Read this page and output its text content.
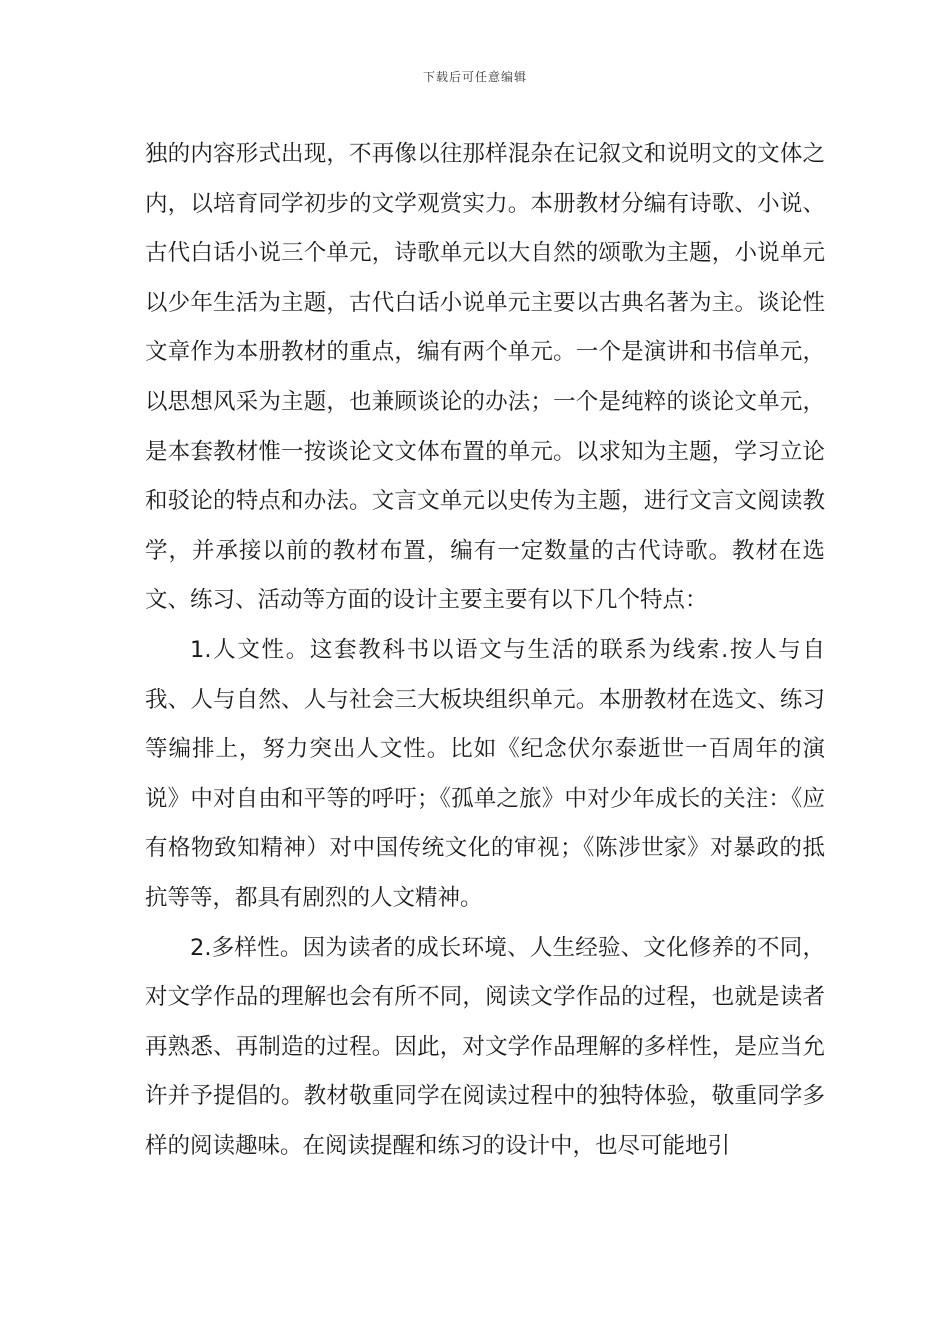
下载后可任意编辑

独的内容形式出现，不再像以往那样混杂在记叙文和说明文的文体之内，以培育同学初步的文学观赏实力。本册教材分编有诗歌、小说、古代白话小说三个单元，诗歌单元以大自然的颂歌为主题，小说单元以少年生活为主题，古代白话小说单元主要以古典名著为主。谈论性文章作为本册教材的重点，编有两个单元。一个是演讲和书信单元，以思想风采为主题，也兼顾谈论的办法；一个是纯粹的谈论文单元，是本套教材惟一按谈论文文体布置的单元。以求知为主题，学习立论和驳论的特点和办法。文言文单元以史传为主题，进行文言文阅读教学，并承接以前的教材布置，编有一定数量的古代诗歌。教材在选文、练习、活动等方面的设计主要主要有以下几个特点：

1.人文性。这套教科书以语文与生活的联系为线索.按人与自我、人与自然、人与社会三大板块组织单元。本册教材在选文、练习等编排上，努力突出人文性。比如《纪念伏尔泰逝世一百周年的演说》中对自由和平等的呼吁；《孤单之旅》中对少年成长的关注：《应有格物致知精神）对中国传统文化的审视；《陈涉世家》对暴政的抵抗等等，都具有剧烈的人文精神。

2.多样性。因为读者的成长环境、人生经验、文化修养的不同，对文学作品的理解也会有所不同，阅读文学作品的过程，也就是读者再熟悉、再制造的过程。因此，对文学作品理解的多样性，是应当允许并予提倡的。教材敬重同学在阅读过程中的独特体验，敬重同学多样的阅读趣味。在阅读提醒和练习的设计中，也尽可能地引
